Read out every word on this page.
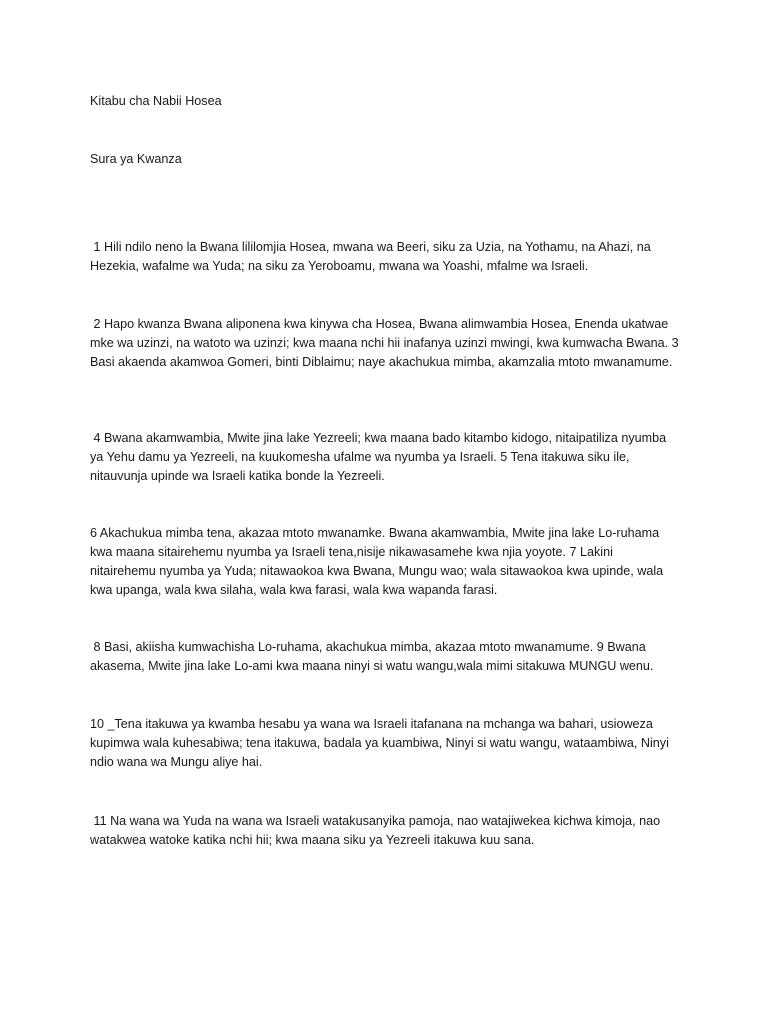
Kitabu cha Nabii Hosea
Sura ya Kwanza
1 Hili ndilo neno la Bwana lililomjia Hosea, mwana wa Beeri, siku za Uzia, na Yothamu, na Ahazi, na Hezekia, wafalme wa Yuda; na siku za Yeroboamu, mwana wa Yoashi, mfalme wa Israeli.
2 Hapo kwanza Bwana aliponena kwa kinywa cha Hosea, Bwana alimwambia Hosea, Enenda ukatwae mke wa uzinzi, na watoto wa uzinzi; kwa maana nchi hii inafanya uzinzi mwingi, kwa kumwacha Bwana. 3 Basi akaenda akamwoa Gomeri, binti Diblaimu; naye akachukua mimba, akamzalia mtoto mwanamume.
4 Bwana akamwambia, Mwite jina lake Yezreeli; kwa maana bado kitambo kidogo, nitaipatiliza nyumba ya Yehu damu ya Yezreeli, na kuukomesha ufalme wa nyumba ya Israeli. 5 Tena itakuwa siku ile, nitauvunja upinde wa Israeli katika bonde la Yezreeli.
6 Akachukua mimba tena, akazaa mtoto mwanamke. Bwana akamwambia, Mwite jina lake Lo-ruhama kwa maana sitairehemu nyumba ya Israeli tena,nisije nikawasamehe kwa njia yoyote. 7 Lakini nitairehemu nyumba ya Yuda; nitawaokoa kwa Bwana, Mungu wao; wala sitawaokoa kwa upinde, wala kwa upanga, wala kwa silaha, wala kwa farasi, wala kwa wapanda farasi.
8 Basi, akiisha kumwachisha Lo-ruhama, akachukua mimba, akazaa mtoto mwanamume. 9 Bwana akasema, Mwite jina lake Lo-ami kwa maana ninyi si watu wangu,wala mimi sitakuwa MUNGU wenu.
10 _Tena itakuwa ya kwamba hesabu ya wana wa Israeli itafanana na mchanga wa bahari, usioweza kupimwa wala kuhesabiwa; tena itakuwa, badala ya kuambiwa, Ninyi si watu wangu, wataambiwa, Ninyi ndio wana wa Mungu aliye hai.
11 Na wana wa Yuda na wana wa Israeli watakusanyika pamoja, nao watajiwekea kichwa kimoja, nao watakwea watoke katika nchi hii; kwa maana siku ya Yezreeli itakuwa kuu sana.
